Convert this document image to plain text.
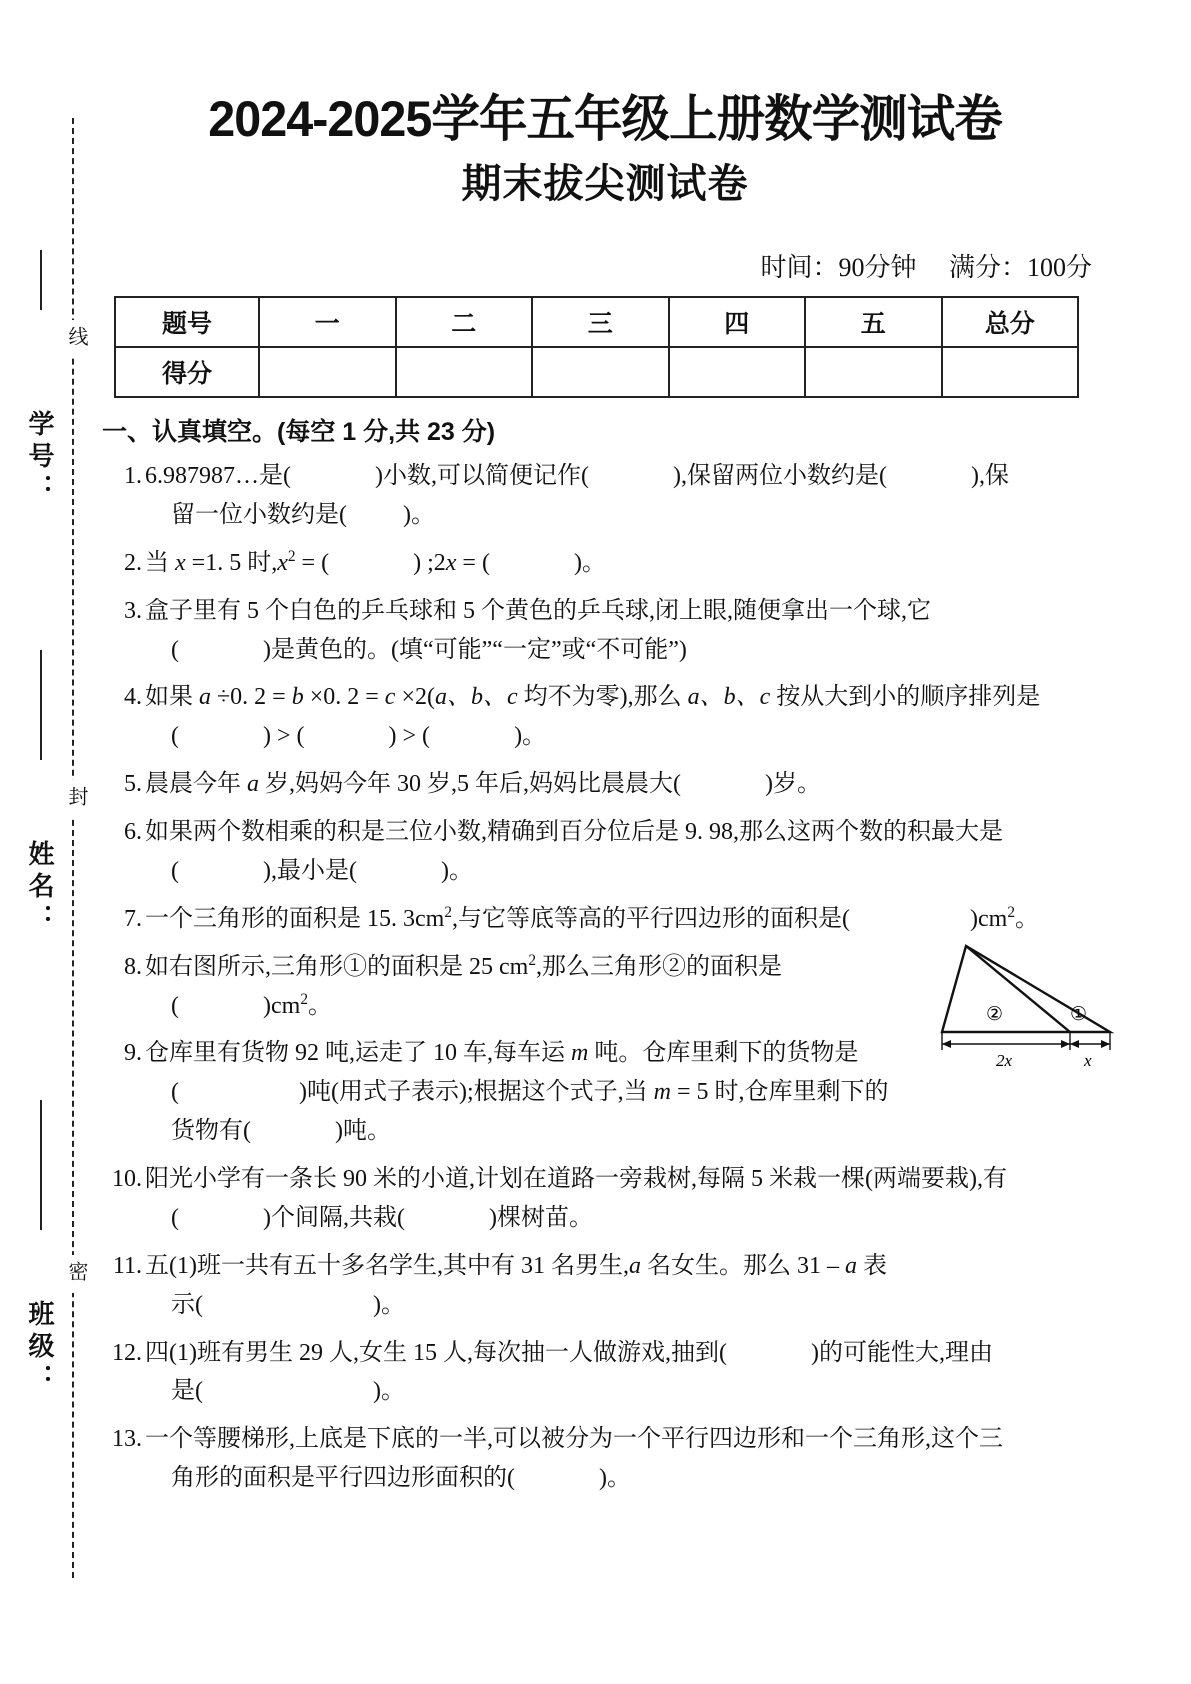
线
封
密
学号：
姓名：
班级：
2024-2025学年五年级上册数学测试卷
期末拔尖测试卷
时间：90分钟 满分：100分
题号	一	二	三	四	五	总分
得分						
一、认真填空。(每空 1 分,共 23 分)
1. 6.987987…是(	)小数,可以简便记作(	),保留两位小数约是(	),保
留一位小数约是( )。
2. 当 x =1. 5 时$,x^2$ = (	) ;2x = (	)。
3. 盒子里有 5 个白色的乒乓球和 5 个黄色的乒乓球,闭上眼,随便拿出一个球,它
(	)是黄色的。(填“可能”“一定”或“不可能”)
4. 如果 a ÷0. 2 = b ×0. 2 = c ×2(a、b、c 均不为零),那么 a、b、c 按从大到小的顺序排列是
(	) > (	) > (	)。
5. 晨晨今年 a 岁,妈妈今年 30 岁,5 年后,妈妈比晨晨大(	)岁。
6. 如果两个数相乘的积是三位小数,精确到百分位后是 9. 98,那么这两个数的积最大是
(	),最小是(	)。
7. 一个三角形的面积是 15. $3cm^2$,与它等底等高的平行四边形的面积是(	)$cm^2$。
8. 如右图所示,三角形①的面积是 25 $cm^2$,那么三角形②的面积是
(	)$cm^2$。
9. 仓库里有货物 92 吨,运走了 10 车,每车运 m 吨。仓库里剩下的货物是
(	)吨(用式子表示);根据这个式子,当 m = 5 时,仓库里剩下的
货物有(	)吨。
10. 阳光小学有一条长 90 米的小道,计划在道路一旁栽树,每隔 5 米栽一棵(两端要栽),有
(	)个间隔,共栽(	)棵树苗。
11. 五(1)班一共有五十多名学生,其中有 31 名男生,a 名女生。那么 31 – a 表
示(	)。
12. 四(1)班有男生 29 人,女生 15 人,每次抽一人做游戏,抽到(	)的可能性大,理由
是(	)。
13. 一个等腰梯形,上底是下底的一半,可以被分为一个平行四边形和一个三角形,这个三
角形的面积是平行四边形面积的(	)。
②	①
2x	x
